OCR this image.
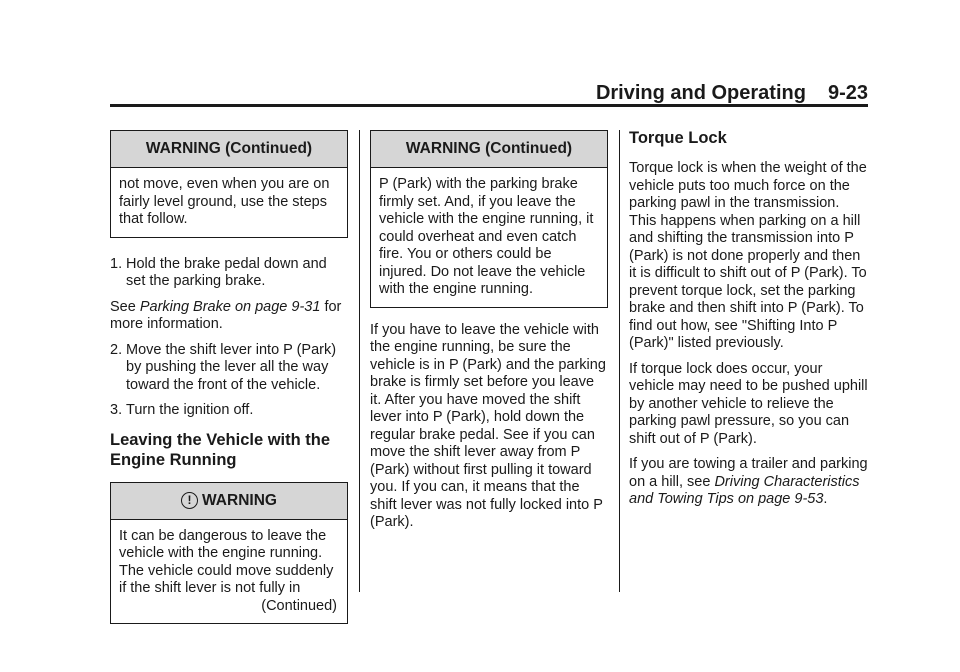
Driving and Operating 9-23
WARNING (Continued)
not move, even when you are on fairly level ground, use the steps that follow.
1. Hold the brake pedal down and set the parking brake.

See Parking Brake on page 9-31 for more information.

2. Move the shift lever into P (Park) by pushing the lever all the way toward the front of the vehicle.
3. Turn the ignition off.
Leaving the Vehicle with the Engine Running
! WARNING
It can be dangerous to leave the vehicle with the engine running. The vehicle could move suddenly if the shift lever is not fully in
(Continued)
WARNING (Continued)
P (Park) with the parking brake firmly set. And, if you leave the vehicle with the engine running, it could overheat and even catch fire. You or others could be injured. Do not leave the vehicle with the engine running.

If you have to leave the vehicle with the engine running, be sure the vehicle is in P (Park) and the parking brake is firmly set before you leave it. After you have moved the shift lever into P (Park), hold down the regular brake pedal. See if you can move the shift lever away from P (Park) without first pulling it toward you. If you can, it means that the shift lever was not fully locked into P (Park).

Torque Lock

Torque lock is when the weight of the vehicle puts too much force on the parking pawl in the transmission. This happens when parking on a hill and shifting the transmission into P (Park) is not done properly and then it is difficult to shift out of P (Park). To prevent torque lock, set the parking brake and then shift into P (Park). To find out how, see "Shifting Into P (Park)" listed previously.

If torque lock does occur, your vehicle may need to be pushed uphill by another vehicle to relieve the parking pawl pressure, so you can shift out of P (Park).

If you are towing a trailer and parking on a hill, see Driving Characteristics and Towing Tips on page 9-53.
